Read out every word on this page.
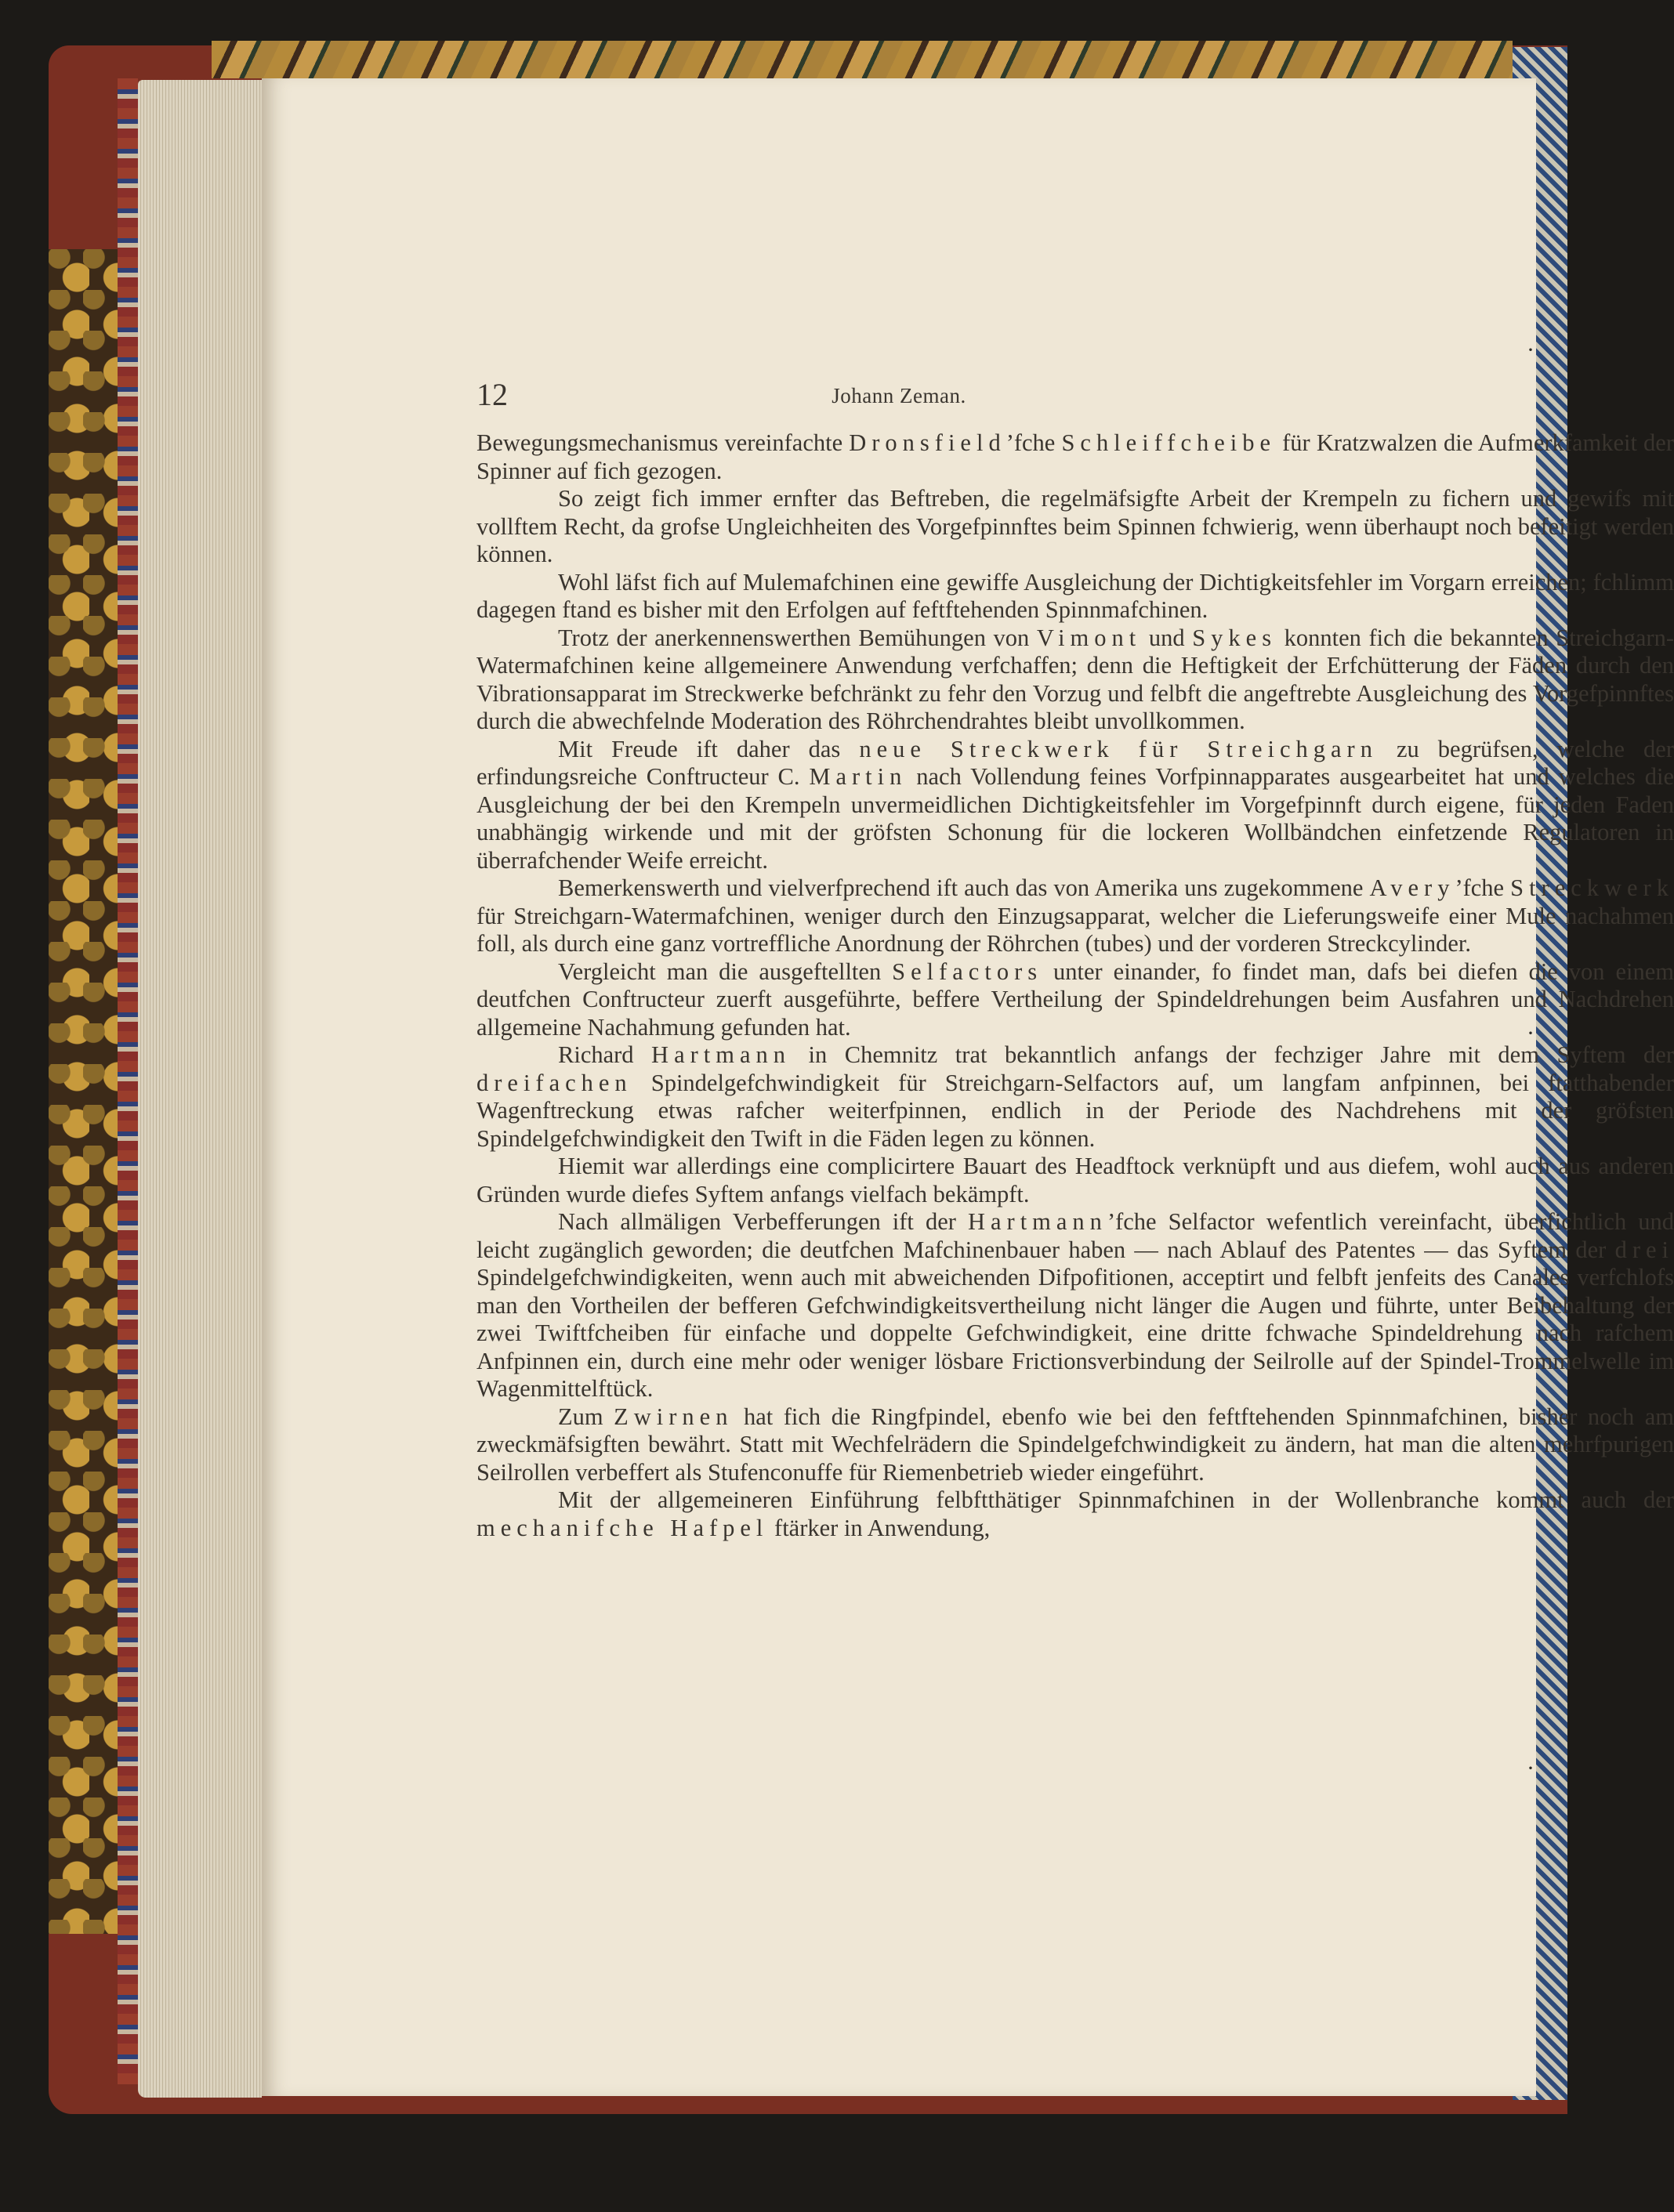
12	Johann Zeman.

Bewegungsmechanismus vereinfachte Dronsfield’fche Schleiffcheibe für Kratzwalzen die Aufmerkfamkeit der Spinner auf fich gezogen.

So zeigt fich immer ernfter das Beftreben, die regelmäfsigfte Arbeit der Krempeln zu fichern und gewifs mit vollftem Recht, da grofse Ungleichheiten des Vorgefpinnftes beim Spinnen fchwierig, wenn überhaupt noch befeitigt werden können.

Wohl läfst fich auf Mulemafchinen eine gewiffe Ausgleichung der Dichtigkeitsfehler im Vorgarn erreichen; fchlimm dagegen ftand es bisher mit den Erfolgen auf feftftehenden Spinnmafchinen.

Trotz der anerkennenswerthen Bemühungen von Vimont und Sykes konnten fich die bekannten Streichgarn-Watermafchinen keine allgemeinere Anwendung verfchaffen; denn die Heftigkeit der Erfchütterung der Fäden durch den Vibrationsapparat im Streckwerke befchränkt zu fehr den Vorzug und felbft die angeftrebte Ausgleichung des Vorgefpinnftes durch die abwechfelnde Moderation des Röhrchendrahtes bleibt unvollkommen.

Mit Freude ift daher das neue Streckwerk für Streichgarn zu begrüfsen, welche der erfindungsreiche Conftructeur C. Martin nach Vollendung feines Vorfpinnapparates ausgearbeitet hat und welches die Ausgleichung der bei den Krempeln unvermeidlichen Dichtigkeitsfehler im Vorgefpinnft durch eigene, für jeden Faden unabhängig wirkende und mit der gröfsten Schonung für die lockeren Wollbändchen einfetzende Regulatoren in überrafchender Weife erreicht.

Bemerkenswerth und vielverfprechend ift auch das von Amerika uns zugekommene Avery’fche Streckwerk für Streichgarn-Watermafchinen, weniger durch den Einzugsapparat, welcher die Lieferungsweife einer Mule nachahmen foll, als durch eine ganz vortreffliche Anordnung der Röhrchen (tubes) und der vorderen Streckcylinder.

Vergleicht man die ausgeftellten Selfactors unter einander, fo findet man, dafs bei diefen die von einem deutfchen Conftructeur zuerft ausgeführte, beffere Vertheilung der Spindeldrehungen beim Ausfahren und Nachdrehen allgemeine Nachahmung gefunden hat.

Richard Hartmann in Chemnitz trat bekanntlich anfangs der fechziger Jahre mit dem Syftem der dreifachen Spindelgefchwindigkeit für Streichgarn-Selfactors auf, um langfam anfpinnen, bei ftatthabender Wagenftreckung etwas rafcher weiterfpinnen, endlich in der Periode des Nachdrehens mit der gröfsten Spindelgefchwindigkeit den Twift in die Fäden legen zu können.

Hiemit war allerdings eine complicirtere Bauart des Headftock verknüpft und aus diefem, wohl auch aus anderen Gründen wurde diefes Syftem anfangs vielfach bekämpft.

Nach allmäligen Verbefferungen ift der Hartmann’fche Selfactor wefentlich vereinfacht, überfichtlich und leicht zugänglich geworden; die deutfchen Mafchinenbauer haben — nach Ablauf des Patentes — das Syftem der drei Spindelgefchwindigkeiten, wenn auch mit abweichenden Difpofitionen, acceptirt und felbft jenfeits des Canales verfchlofs man den Vortheilen der befferen Gefchwindigkeitsvertheilung nicht länger die Augen und führte, unter Beibehaltung der zwei Twiftfcheiben für einfache und doppelte Gefchwindigkeit, eine dritte fchwache Spindeldrehung nach rafchem Anfpinnen ein, durch eine mehr oder weniger lösbare Frictionsverbindung der Seilrolle auf der Spindel-Trommelwelle im Wagenmittelftück.

Zum Zwirnen hat fich die Ringfpindel, ebenfo wie bei den feftftehenden Spinnmafchinen, bisher noch am zweckmäfsigften bewährt. Statt mit Wechfelrädern die Spindelgefchwindigkeit zu ändern, hat man die alten mehrfpurigen Seilrollen verbeffert als Stufenconuffe für Riemenbetrieb wieder eingeführt.

Mit der allgemeineren Einführung felbftthätiger Spinnmafchinen in der Wollenbranche kommt auch der mechanifche Hafpel ftärker in Anwendung,

·
·
·
